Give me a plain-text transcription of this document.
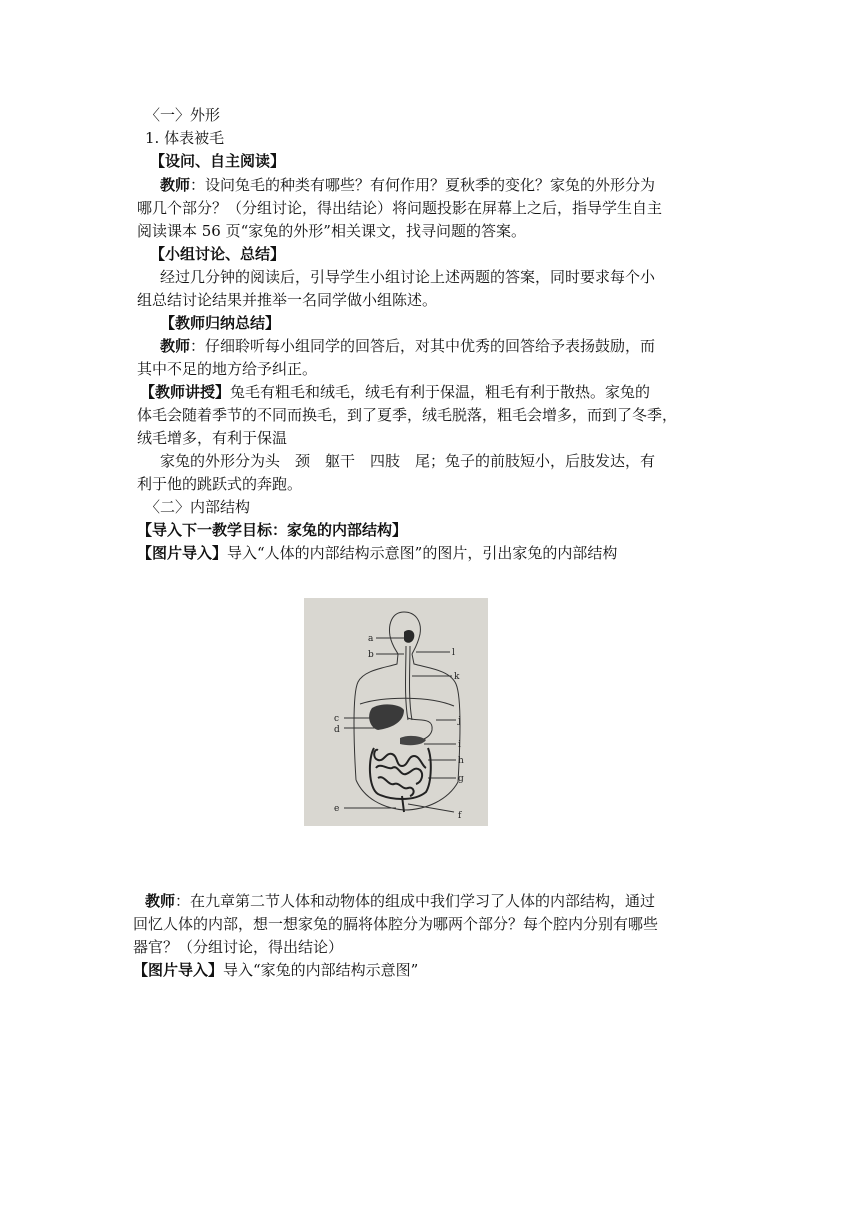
〈一〉外形
1. 体表被毛
【设问、自主阅读】
教师：设问兔毛的种类有哪些？有何作用？夏秋季的变化？家兔的外形分为
哪几个部分？（分组讨论，得出结论）将问题投影在屏幕上之后，指导学生自主
阅读课本 56 页“家兔的外形”相关课文，找寻问题的答案。
【小组讨论、总结】
经过几分钟的阅读后，引导学生小组讨论上述两题的答案，同时要求每个小
组总结讨论结果并推举一名同学做小组陈述。
【教师归纳总结】
教师：仔细聆听每小组同学的回答后，对其中优秀的回答给予表扬鼓励，而
其中不足的地方给予纠正。
【教师讲授】兔毛有粗毛和绒毛，绒毛有利于保温，粗毛有利于散热。家兔的
体毛会随着季节的不同而换毛，到了夏季，绒毛脱落，粗毛会增多，而到了冬季，
绒毛增多，有利于保温
家兔的外形分为头　颈　躯干　四肢　尾；兔子的前肢短小，后肢发达，有
利于他的跳跃式的奔跑。
〈二〉内部结构
【导入下一教学目标：家兔的内部结构】
【图片导入】导入“人体的内部结构示意图”的图片，引出家兔的内部结构
a
b
c
d
e
f
g
h
i
j
k
l
教师：在九章第二节人体和动物体的组成中我们学习了人体的内部结构，通过
回忆人体的内部，想一想家兔的膈将体腔分为哪两个部分？每个腔内分别有哪些
器官？（分组讨论，得出结论）
【图片导入】导入“家兔的内部结构示意图”
